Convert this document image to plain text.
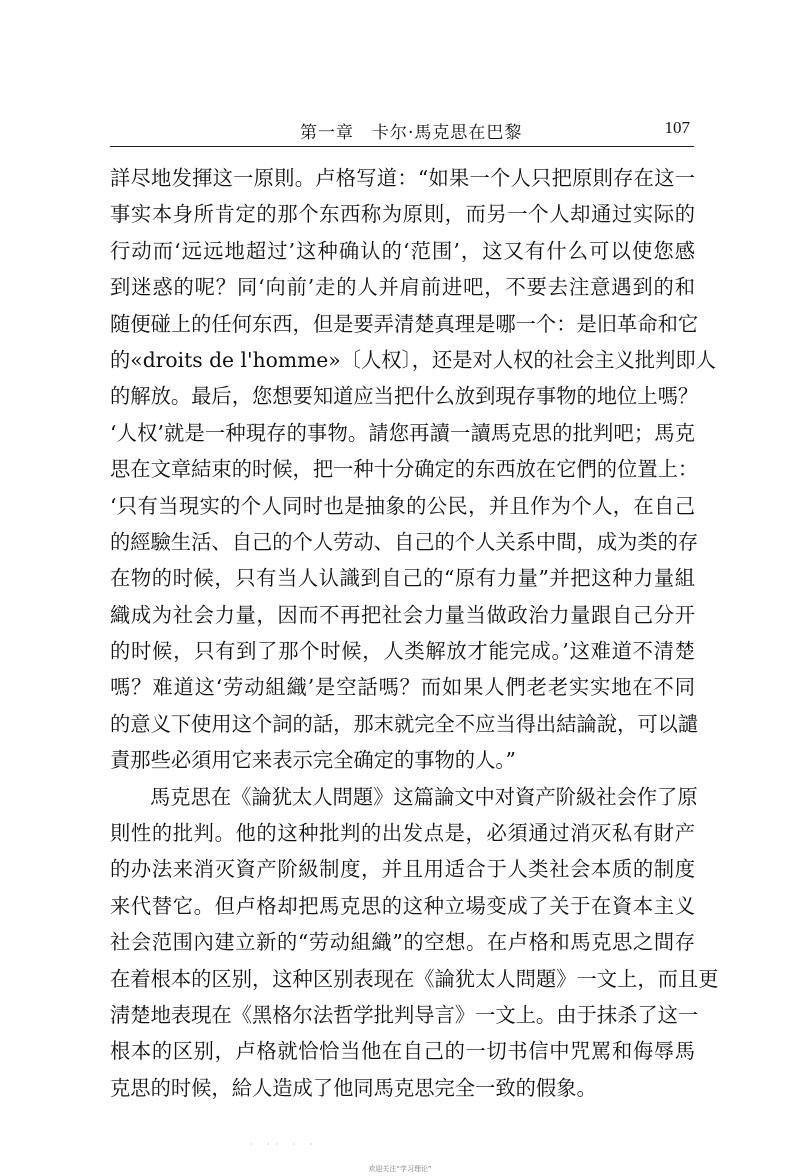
第一章　卡尔·馬克思在巴黎	107
詳尽地发揮这一原則。卢格写道：“如果一个人只把原則存在这一
事实本身所肯定的那个东西称为原則，而另一个人却通过实际的
行动而‘远远地超过’这种确认的‘范围’，这又有什么可以使您感
到迷惑的呢？同‘向前’走的人并肩前进吧，不要去注意遇到的和
随便碰上的任何东西，但是要弄清楚真理是哪一个：是旧革命和它
的«droits de l'homme»〔人权〕，还是对人权的社会主义批判即人
的解放。最后，您想要知道应当把什么放到現存事物的地位上嗎？
‘人权’就是一种現存的事物。請您再讀一讀馬克思的批判吧；馬克
思在文章結束的时候，把一种十分确定的东西放在它們的位置上：
‘只有当現实的个人同时也是抽象的公民，并且作为个人，在自己
的經驗生活、自己的个人劳动、自己的个人关系中間，成为类的存
在物的时候，只有当人认識到自己的“原有力量”并把这种力量組
織成为社会力量，因而不再把社会力量当做政治力量跟自己分开
的时候，只有到了那个时候，人类解放才能完成。’这难道不清楚
嗎？难道这‘劳动組織’是空話嗎？而如果人們老老实实地在不同
的意义下使用这个詞的話，那末就完全不应当得出結論說，可以譴
責那些必須用它来表示完全确定的事物的人。”
馬克思在《論犹太人問題》这篇論文中对資产阶級社会作了原
則性的批判。他的这种批判的出发点是，必須通过消灭私有財产
的办法来消灭資产阶級制度，并且用适合于人类社会本质的制度
来代替它。但卢格却把馬克思的这种立場变成了关于在資本主义
社会范围內建立新的“劳动組織”的空想。在卢格和馬克思之間存
在着根本的区别，这种区别表现在《論犹太人問題》一文上，而且更
淸楚地表現在《黑格尔法哲学批判导言》一文上。由于抹杀了这一
根本的区别，卢格就恰恰当他在自己的一切书信中咒罵和侮辱馬
克思的时候，給人造成了他同馬克思完全一致的假象。
· ·· · ·
欢迎关注“学习理论”
